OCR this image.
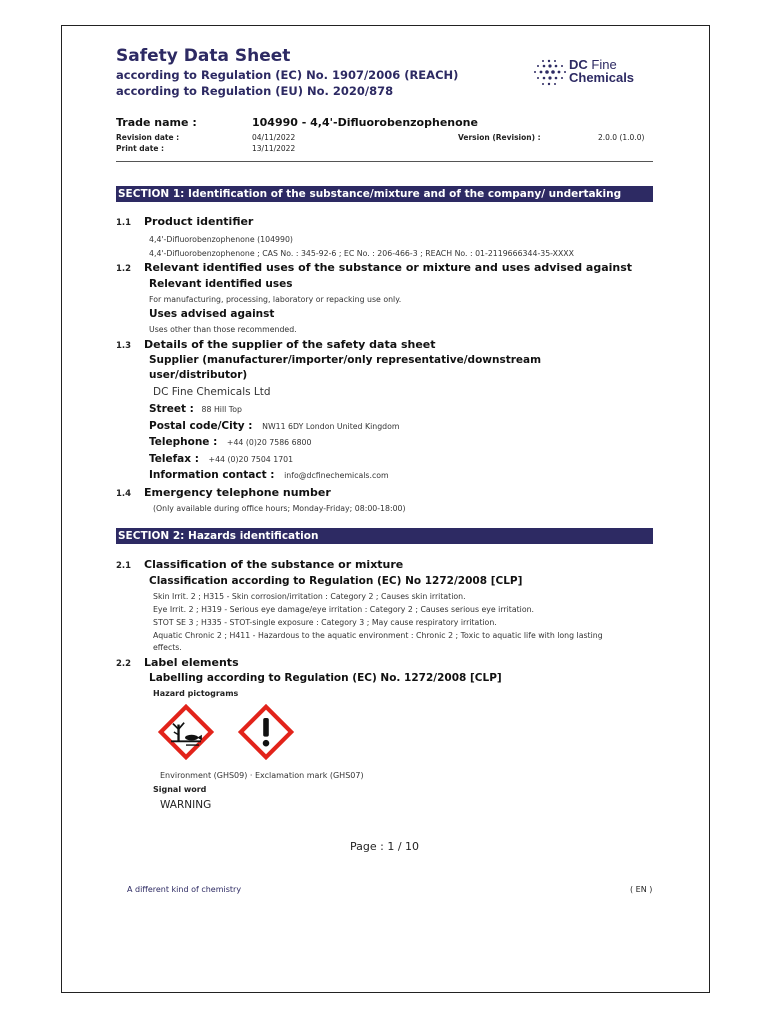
Safety Data Sheet
according to Regulation (EC) No. 1907/2006 (REACH)
according to Regulation (EU) No. 2020/878
DC Fine
Chemicals
Trade name :	104990 - 4,4'-Difluorobenzophenone
Revision date :	04/11/2022	Version (Revision) :	2.0.0 (1.0.0)
Print date :	13/11/2022
SECTION 1: Identification of the substance/mixture and of the company/ undertaking
1.1 Product identifier
4,4'-Difluorobenzophenone (104990)
4,4'-Difluorobenzophenone ; CAS No. : 345-92-6 ; EC No. : 206-466-3 ; REACH No. : 01-2119666344-35-XXXX
1.2 Relevant identified uses of the substance or mixture and uses advised against
Relevant identified uses
For manufacturing, processing, laboratory or repacking use only.
Uses advised against
Uses other than those recommended.
1.3 Details of the supplier of the safety data sheet
Supplier (manufacturer/importer/only representative/downstream
user/distributor)
DC Fine Chemicals Ltd
Street : 88 Hill Top
Postal code/City : NW11 6DY London United Kingdom
Telephone : +44 (0)20 7586 6800
Telefax : +44 (0)20 7504 1701
Information contact : info@dcfinechemicals.com
1.4 Emergency telephone number
(Only available during office hours; Monday-Friday; 08:00-18:00)
SECTION 2: Hazards identification
2.1 Classification of the substance or mixture
Classification according to Regulation (EC) No 1272/2008 [CLP]
Skin Irrit. 2 ; H315 - Skin corrosion/irritation : Category 2 ; Causes skin irritation.
Eye Irrit. 2 ; H319 - Serious eye damage/eye irritation : Category 2 ; Causes serious eye irritation.
STOT SE 3 ; H335 - STOT-single exposure : Category 3 ; May cause respiratory irritation.
Aquatic Chronic 2 ; H411 - Hazardous to the aquatic environment : Chronic 2 ; Toxic to aquatic life with long lasting
effects.
2.2 Label elements
Labelling according to Regulation (EC) No. 1272/2008 [CLP]
Hazard pictograms
Environment (GHS09) · Exclamation mark (GHS07)
Signal word
WARNING
Page : 1 / 10
A different kind of chemistry	( EN )
